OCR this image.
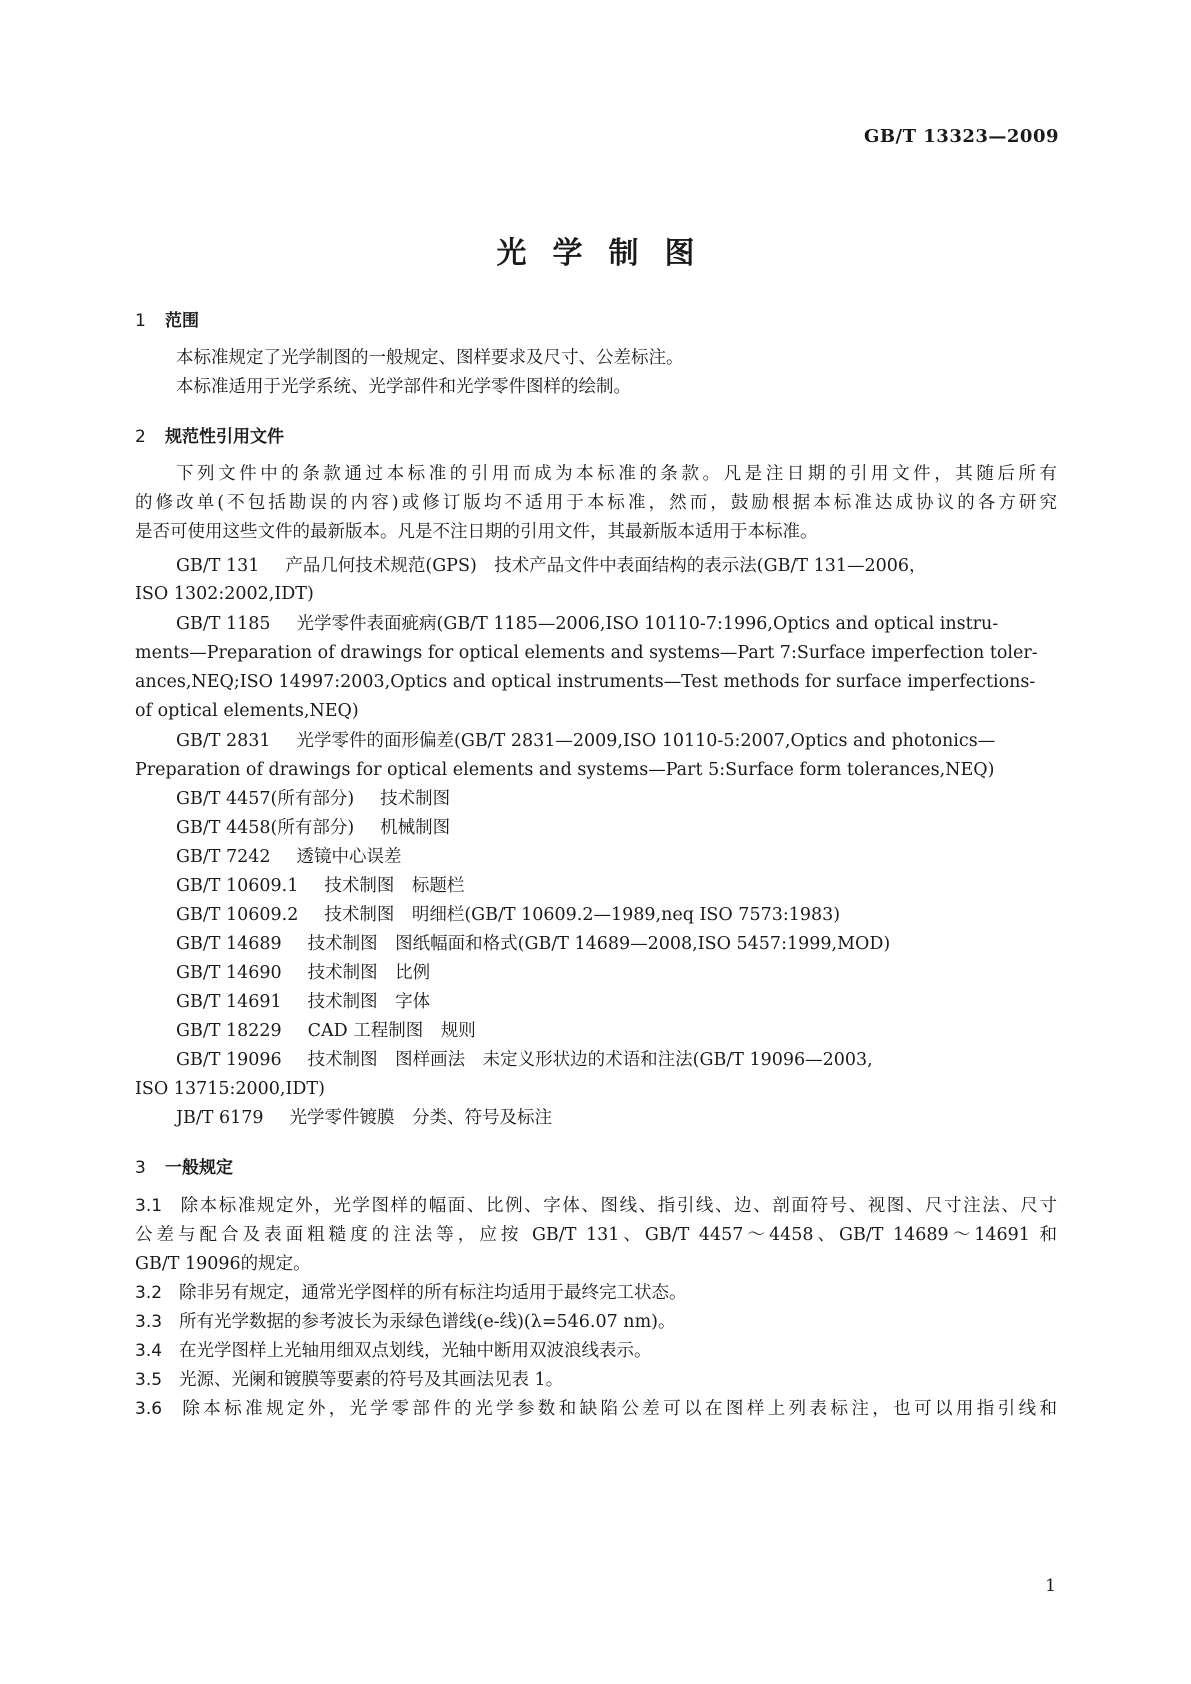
GB/T 13323—2009
光学制图
1 范围
本标准规定了光学制图的一般规定、图样要求及尺寸、公差标注。
本标准适用于光学系统、光学部件和光学零件图样的绘制。
2 规范性引用文件
下列文件中的条款通过本标准的引用而成为本标准的条款。凡是注日期的引用文件，其随后所有
的修改单(不包括勘误的内容)或修订版均不适用于本标准，然而，鼓励根据本标准达成协议的各方研究
是否可使用这些文件的最新版本。凡是不注日期的引用文件，其最新版本适用于本标准。
GB/T 131 产品几何技术规范(GPS)　技术产品文件中表面结构的表示法(GB/T 131—2006，
ISO 1302:2002,IDT)
GB/T 1185 光学零件表面疵病(GB/T 1185—2006,ISO 10110-7:1996,Optics and optical instru-
ments—Preparation of drawings for optical elements and systems—Part 7:Surface imperfection toler-
ances,NEQ;ISO 14997:2003,Optics and optical instruments—Test methods for surface imperfections-
of optical elements,NEQ)
GB/T 2831 光学零件的面形偏差(GB/T 2831—2009,ISO 10110-5:2007,Optics and photonics—
Preparation of drawings for optical elements and systems—Part 5:Surface form tolerances,NEQ)
GB/T 4457(所有部分) 技术制图
GB/T 4458(所有部分) 机械制图
GB/T 7242 透镜中心误差
GB/T 10609.1 技术制图　标题栏
GB/T 10609.2 技术制图　明细栏(GB/T 10609.2—1989,neq ISO 7573:1983)
GB/T 14689 技术制图　图纸幅面和格式(GB/T 14689—2008,ISO 5457:1999,MOD)
GB/T 14690 技术制图　比例
GB/T 14691 技术制图　字体
GB/T 18229 CAD 工程制图　规则
GB/T 19096 技术制图　图样画法　未定义形状边的术语和注法(GB/T 19096—2003,
ISO 13715:2000,IDT)
JB/T 6179 光学零件镀膜　分类、符号及标注
3 一般规定
3.1 除本标准规定外，光学图样的幅面、比例、字体、图线、指引线、边、剖面符号、视图、尺寸注法、尺寸
公差与配合及表面粗糙度的注法等，应按 GB/T 131、GB/T 4457～4458、GB/T 14689～14691 和
GB/T 19096的规定。
3.2 除非另有规定，通常光学图样的所有标注均适用于最终完工状态。
3.3 所有光学数据的参考波长为汞绿色谱线(e-线)(λ=546.07 nm)。
3.4 在光学图样上光轴用细双点划线，光轴中断用双波浪线表示。
3.5 光源、光阑和镀膜等要素的符号及其画法见表 1。
3.6 除本标准规定外，光学零部件的光学参数和缺陷公差可以在图样上列表标注，也可以用指引线和
1
